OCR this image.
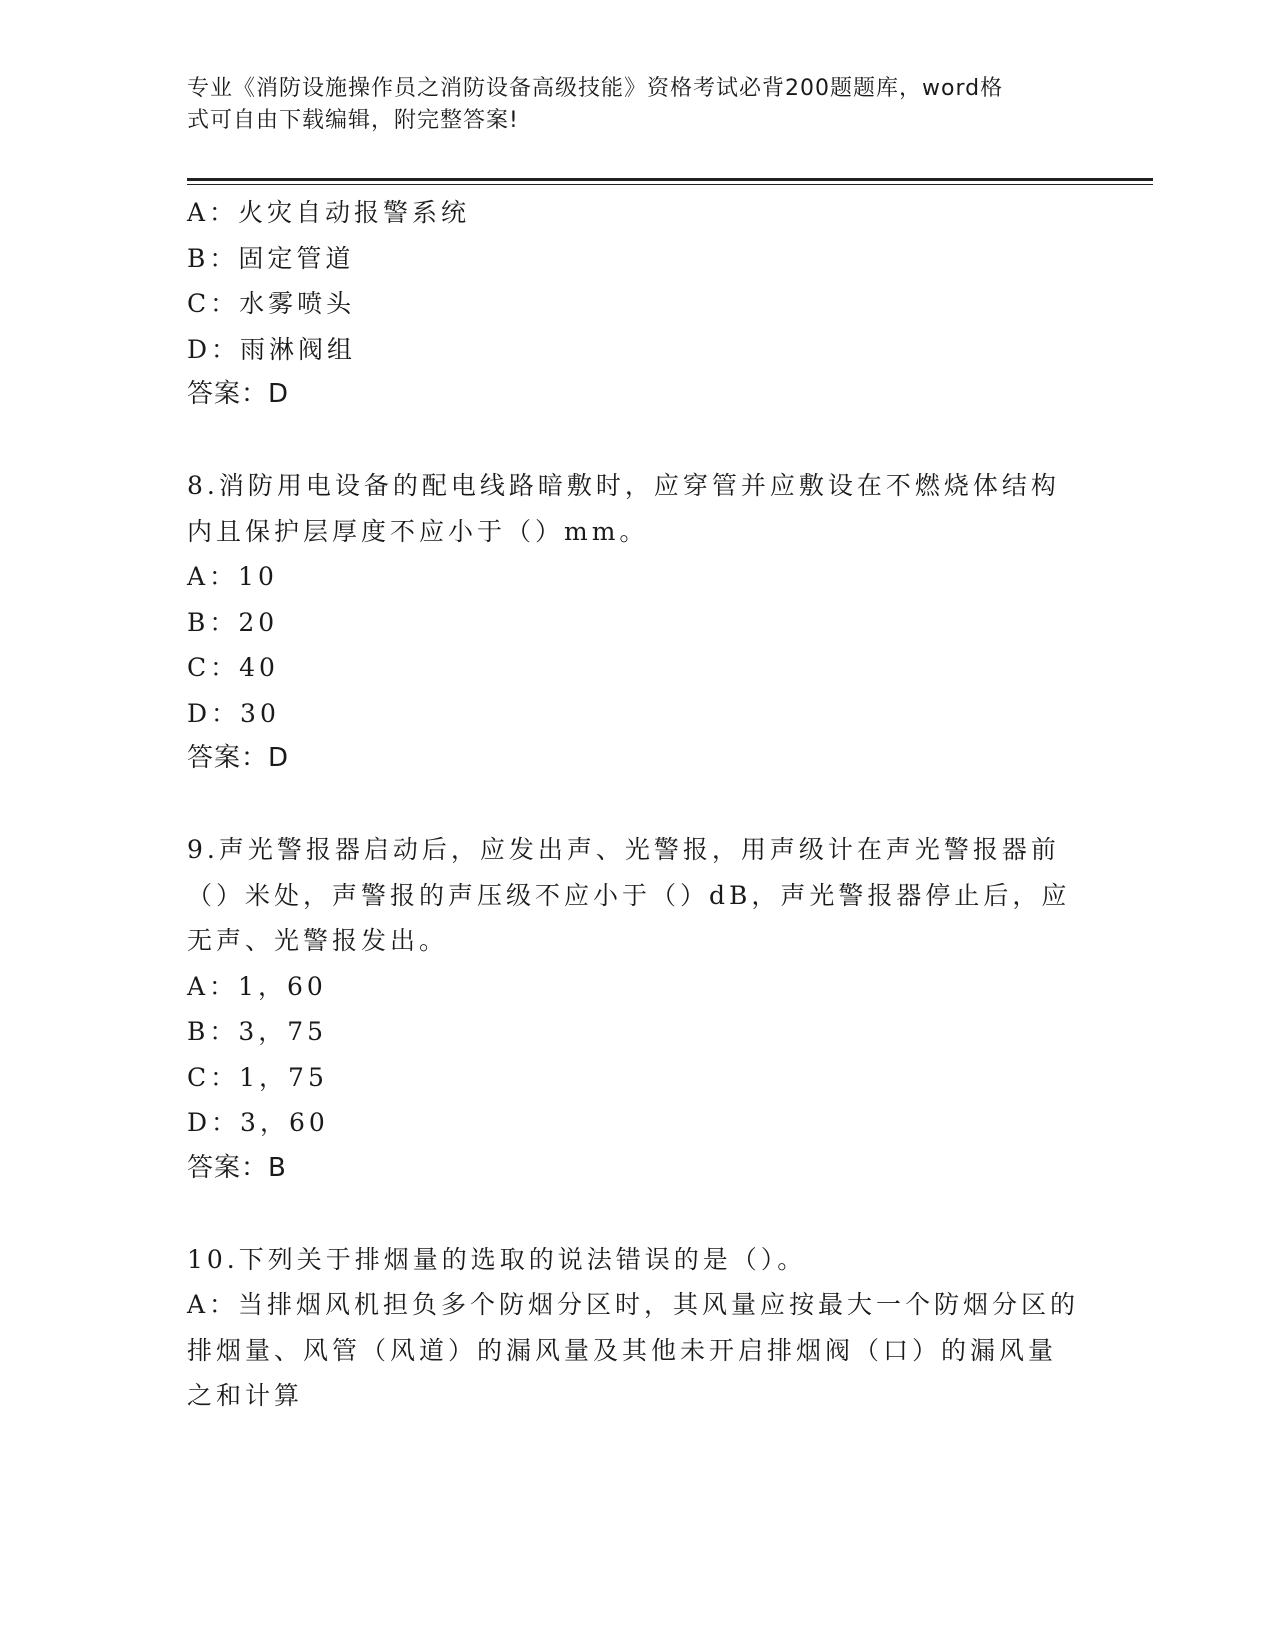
专业《消防设施操作员之消防设备高级技能》资格考试必背200题题库，word格
式可自由下载编辑，附完整答案!
A：火灾自动报警系统
B：固定管道
C：水雾喷头
D：雨淋阀组
答案：D
8.消防用电设备的配电线路暗敷时，应穿管并应敷设在不燃烧体结构
内且保护层厚度不应小于（）mm。
A：10
B：20
C：40
D：30
答案：D
9.声光警报器启动后，应发出声、光警报，用声级计在声光警报器前
（）米处，声警报的声压级不应小于（）dB，声光警报器停止后，应
无声、光警报发出。
A：1，60
B：3，75
C：1，75
D：3，60
答案：B
10.下列关于排烟量的选取的说法错误的是（）。
A：当排烟风机担负多个防烟分区时，其风量应按最大一个防烟分区的
排烟量、风管（风道）的漏风量及其他未开启排烟阀（口）的漏风量
之和计算
